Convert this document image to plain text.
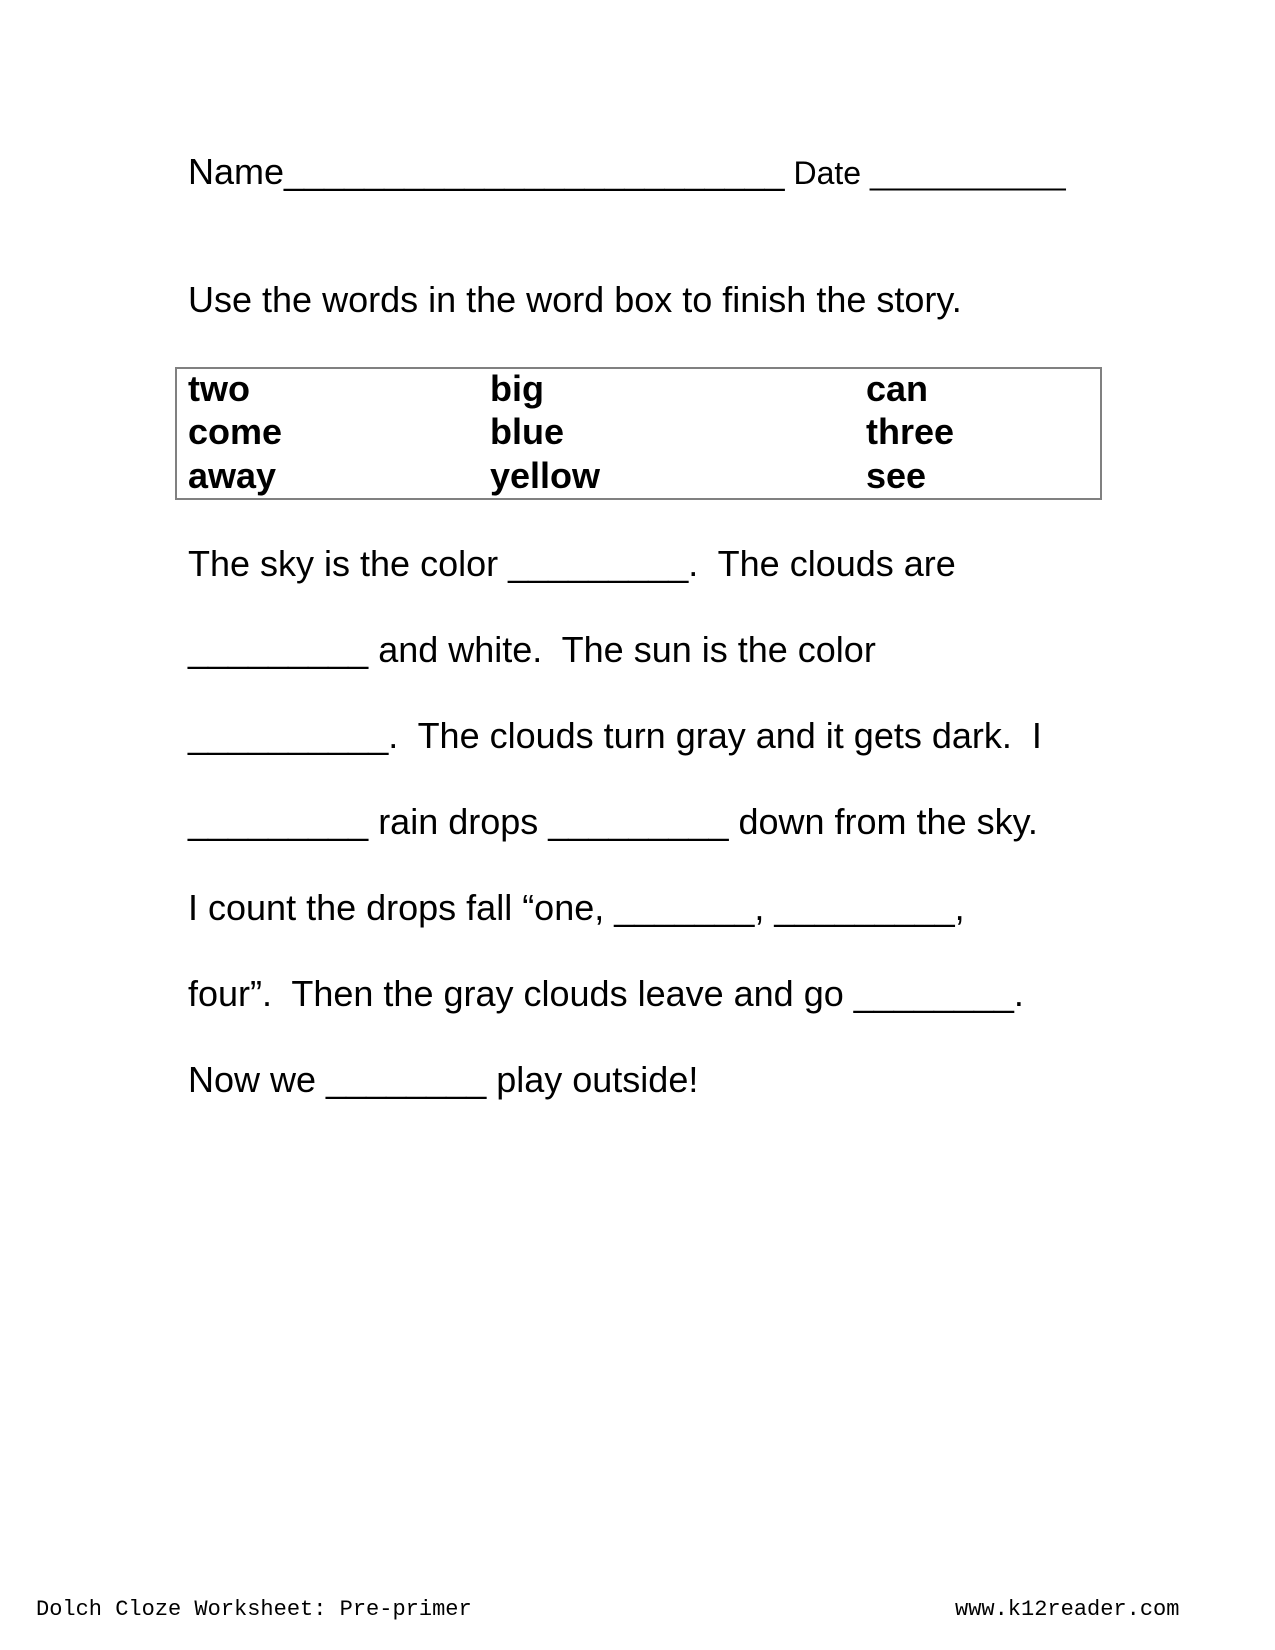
Name_________________________ Date ___________
Use the words in the word box to finish the story.
two	big	can
come	blue	three
away	yellow	see
The sky is the color _________.  The clouds are
_________ and white.  The sun is the color
__________.  The clouds turn gray and it gets dark.  I
_________ rain drops _________ down from the sky.
I count the drops fall “one, _______, _________,
four”.  Then the gray clouds leave and go ________.
Now we ________ play outside!
Dolch Cloze Worksheet: Pre-primer	www.k12reader.com
